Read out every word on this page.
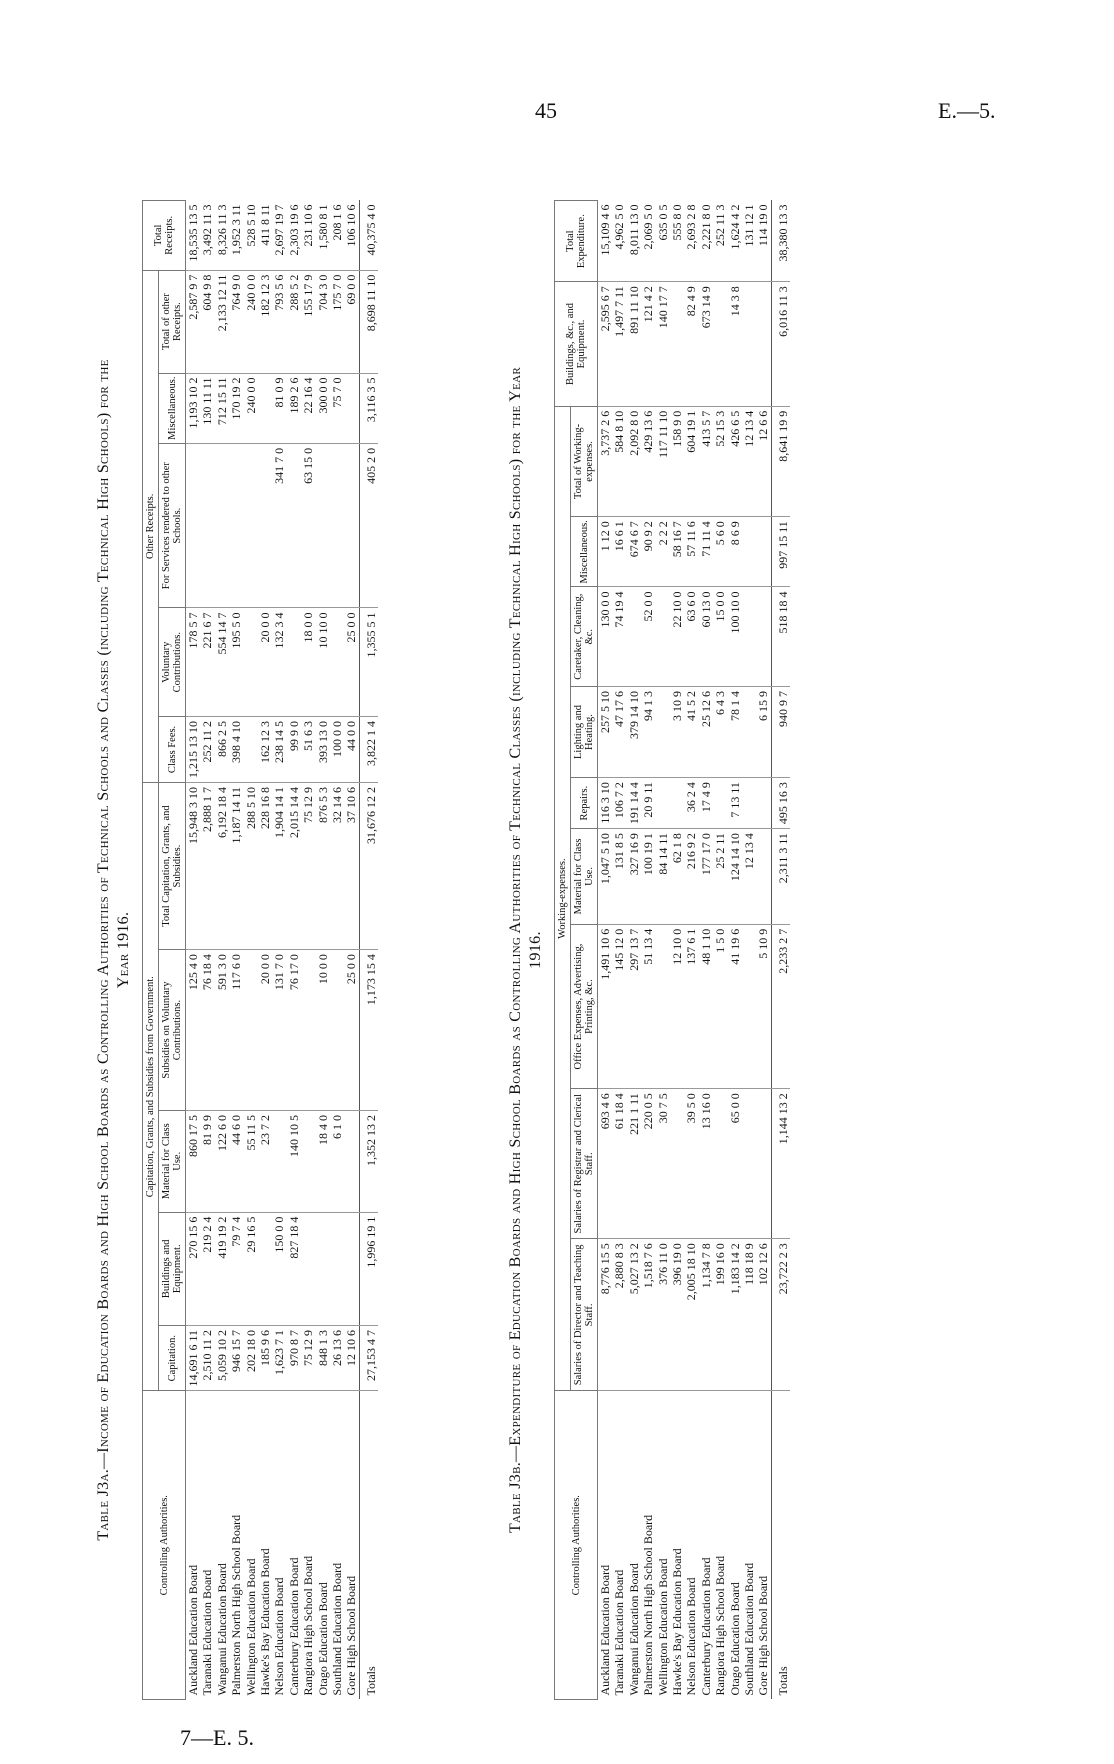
45	E.—5.
7—E. 5.
Table J3a.—Income of Education Boards and High School Boards as Controlling Authorities of Technical Schools and Classes (including Technical High Schools) for the Year 1916.
Controlling Authorities.	Capitation, Grants, and Subsidies from Government.					Other Receipts.					Total Receipts.
	Capitation.	Buildings and Equipment.	Material for Class Use.	Subsidies on Voluntary Contributions.	Total Capitation, Grants, and Subsidies.	Class Fees.	Voluntary Contributions.	For Services rendered to other Schools.	Miscellaneous.	Total of other Receipts.	
Auckland Education Board	14,691 6 11	270 15 6	860 17 5	125 4 0	15,948 3 10	1,215 13 10	178 5 7		1,193 10 2	2,587 9 7	18,535 13 5
Taranaki Education Board	2,510 11 2	219 2 4	81 9 9	76 18 4	2,888 1 7	252 11 2	221 6 7		130 11 11	604 9 8	3,492 11 3
Wanganui Education Board	5,059 10 2	419 19 2	122 6 0	591 3 0	6,192 18 4	866 2 5	554 14 7		712 15 11	2,133 12 11	8,326 11 3
Palmerston North High School Board	946 15 7	79 7 4	44 6 0	117 6 0	1,187 14 11	398 4 10	195 5 0		170 19 2	764 9 0	1,952 3 11
Wellington Education Board	202 18 0	29 16 5	55 11 5		288 5 10				240 0 0	240 0 0	528 5 10
Hawke's Bay Education Board	185 9 6		23 7 2	20 0 0	228 16 8	162 12 3	20 0 0			182 12 3	411 8 11
Nelson Education Board	1,623 7 1	150 0 0		131 7 0	1,904 14 1	238 14 5	132 3 4	341 7 0	81 0 9	793 5 6	2,697 19 7
Canterbury Education Board	970 8 7	827 18 4	140 10 5	76 17 0	2,015 14 4	99 9 0			189 2 6	288 5 2	2,303 19 6
Rangiora High School Board	75 12 9				75 12 9	51 6 3	18 0 0	63 15 0	22 16 4	155 17 9	231 10 6
Otago Education Board	848 1 3		18 4 0	10 0 0	876 5 3	393 13 0	10 10 0		300 0 0	704 3 0	1,580 8 1
Southland Education Board	26 13 6		6 1 0		32 14 6	100 0 0			75 7 0	175 7 0	208 1 6
Gore High School Board	12 10 6			25 0 0	37 10 6	44 0 0	25 0 0			69 0 0	106 10 6
Totals	27,153 4 7	1,996 19 1	1,352 13 2	1,173 15 4	31,676 12 2	3,822 1 4	1,355 5 1	405 2 0	3,116 3 5	8,698 11 10	40,375 4 0
Table J3b.—Expenditure of Education Boards and High School Boards as Controlling Authorities of Technical Classes (including Technical High Schools) for the Year 1916.
Controlling Authorities.	Working-expenses.									Buildings, &c., and Equipment.	Total Expenditure.
	Salaries of Director and Teaching Staff.	Salaries of Registrar and Clerical Staff.	Office Expenses, Advertising, Printing, &c.	Material for Class Use.	Repairs.	Lighting and Heating.	Caretaker, Cleaning, &c.	Miscellaneous.	Total of Working-expenses.		
Auckland Education Board	8,776 15 5	693 4 6	1,491 10 6	1,047 5 10	116 3 10	257 5 10	130 0 0	1 12 0	3,737 2 6	2,595 6 7	15,109 4 6
Taranaki Education Board	2,880 8 3	61 18 4	145 12 0	131 8 5	106 7 2	47 17 6	74 19 4	16 6 1	584 8 10	1,497 7 11	4,962 5 0
Wanganui Education Board	5,027 13 2	221 1 11	297 13 7	327 16 9	191 14 4	379 14 10		674 6 7	2,092 8 0	891 11 10	8,011 13 0
Palmerston North High School Board	1,518 7 6	220 0 5	51 13 4	100 19 1	20 9 11	94 1 3	52 0 0	90 9 2	429 13 6	121 4 2	2,069 5 0
Wellington Education Board	376 11 0	30 7 5		84 14 11				2 2 2	117 11 10	140 17 7	635 0 5
Hawke's Bay Education Board	396 19 0		12 10 0	62 1 8		3 10 9	22 10 0	58 16 7	158 9 0		555 8 0
Nelson Education Board	2,005 18 10	39 5 0	137 6 1	216 9 2	36 2 4	41 5 2	63 6 0	57 11 6	604 19 1	82 4 9	2,693 2 8
Canterbury Education Board	1,134 7 8	13 16 0	48 1 10	177 17 0	17 4 9	25 12 6	60 13 0	71 11 4	413 5 7	673 14 9	2,221 8 0
Rangiora High School Board	199 16 0		1 5 0	25 2 11		6 4 3	15 0 0	5 6 0	52 15 3		252 11 3
Otago Education Board	1,183 14 2	65 0 0	41 19 6	124 14 10	7 13 11	78 1 4	100 10 0	8 6 9	426 6 5	14 3 8	1,624 4 2
Southland Education Board	118 18 9			12 13 4					12 13 4		131 12 1
Gore High School Board	102 12 6		5 10 9			6 15 9			12 6 6		114 19 0
Totals	23,722 2 3	1,144 13 2	2,233 2 7	2,311 3 11	495 16 3	940 9 7	518 18 4	997 15 11	8,641 19 9	6,016 11 3	38,380 13 3
